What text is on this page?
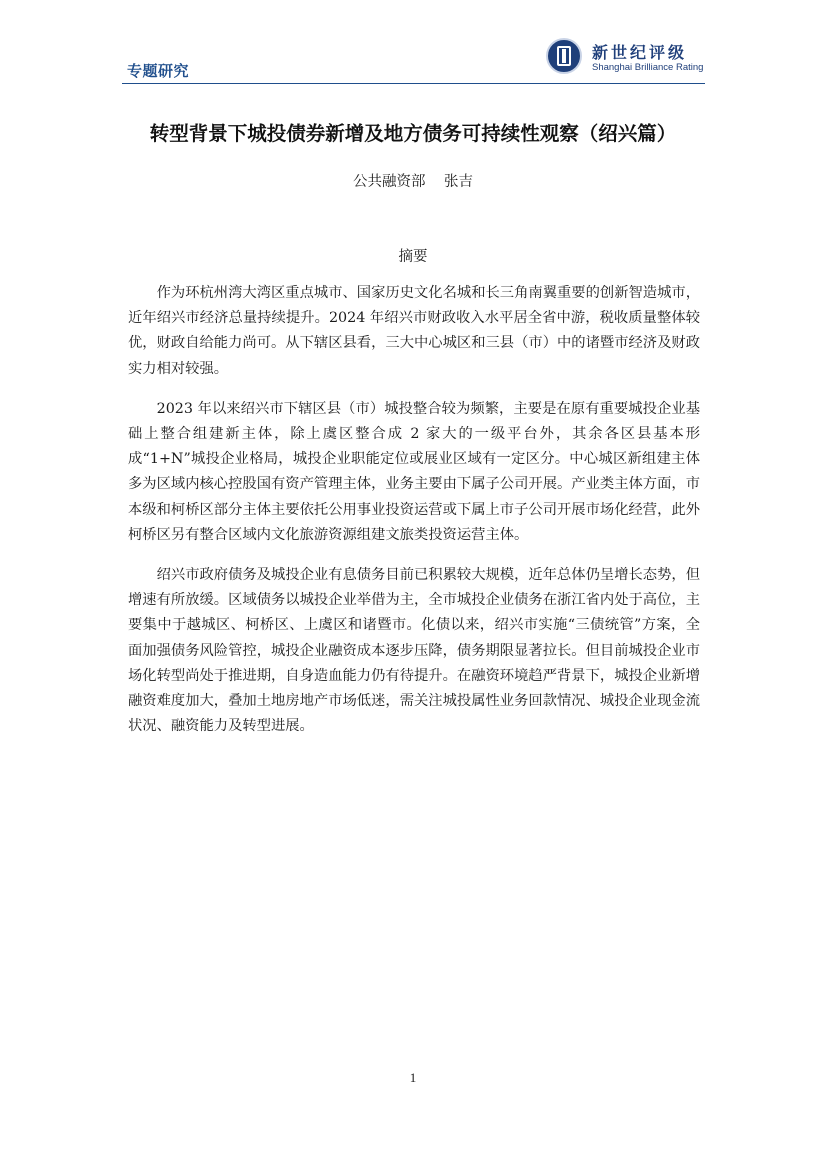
专题研究
新世纪评级
Shanghai Brilliance Rating
转型背景下城投债券新增及地方债务可持续性观察（绍兴篇）
公共融资部    张吉
摘要

作为环杭州湾大湾区重点城市、国家历史文化名城和长三角南翼重要的创新智造城市，近年绍兴市经济总量持续提升。2024 年绍兴市财政收入水平居全省中游，税收质量整体较优，财政自给能力尚可。从下辖区县看，三大中心城区和三县（市）中的诸暨市经济及财政实力相对较强。

2023 年以来绍兴市下辖区县（市）城投整合较为频繁，主要是在原有重要城投企业基础上整合组建新主体，除上虞区整合成 2 家大的一级平台外，其余各区县基本形成“1+N”城投企业格局，城投企业职能定位或展业区域有一定区分。中心城区新组建主体多为区域内核心控股国有资产管理主体，业务主要由下属子公司开展。产业类主体方面，市本级和柯桥区部分主体主要依托公用事业投资运营或下属上市子公司开展市场化经营，此外柯桥区另有整合区域内文化旅游资源组建文旅类投资运营主体。

绍兴市政府债务及城投企业有息债务目前已积累较大规模，近年总体仍呈增长态势，但增速有所放缓。区域债务以城投企业举借为主，全市城投企业债务在浙江省内处于高位，主要集中于越城区、柯桥区、上虞区和诸暨市。化债以来，绍兴市实施“三债统管”方案，全面加强债务风险管控，城投企业融资成本逐步压降，债务期限显著拉长。但目前城投企业市场化转型尚处于推进期，自身造血能力仍有待提升。在融资环境趋严背景下，城投企业新增融资难度加大，叠加土地房地产市场低迷，需关注城投属性业务回款情况、城投企业现金流状况、融资能力及转型进展。

1
